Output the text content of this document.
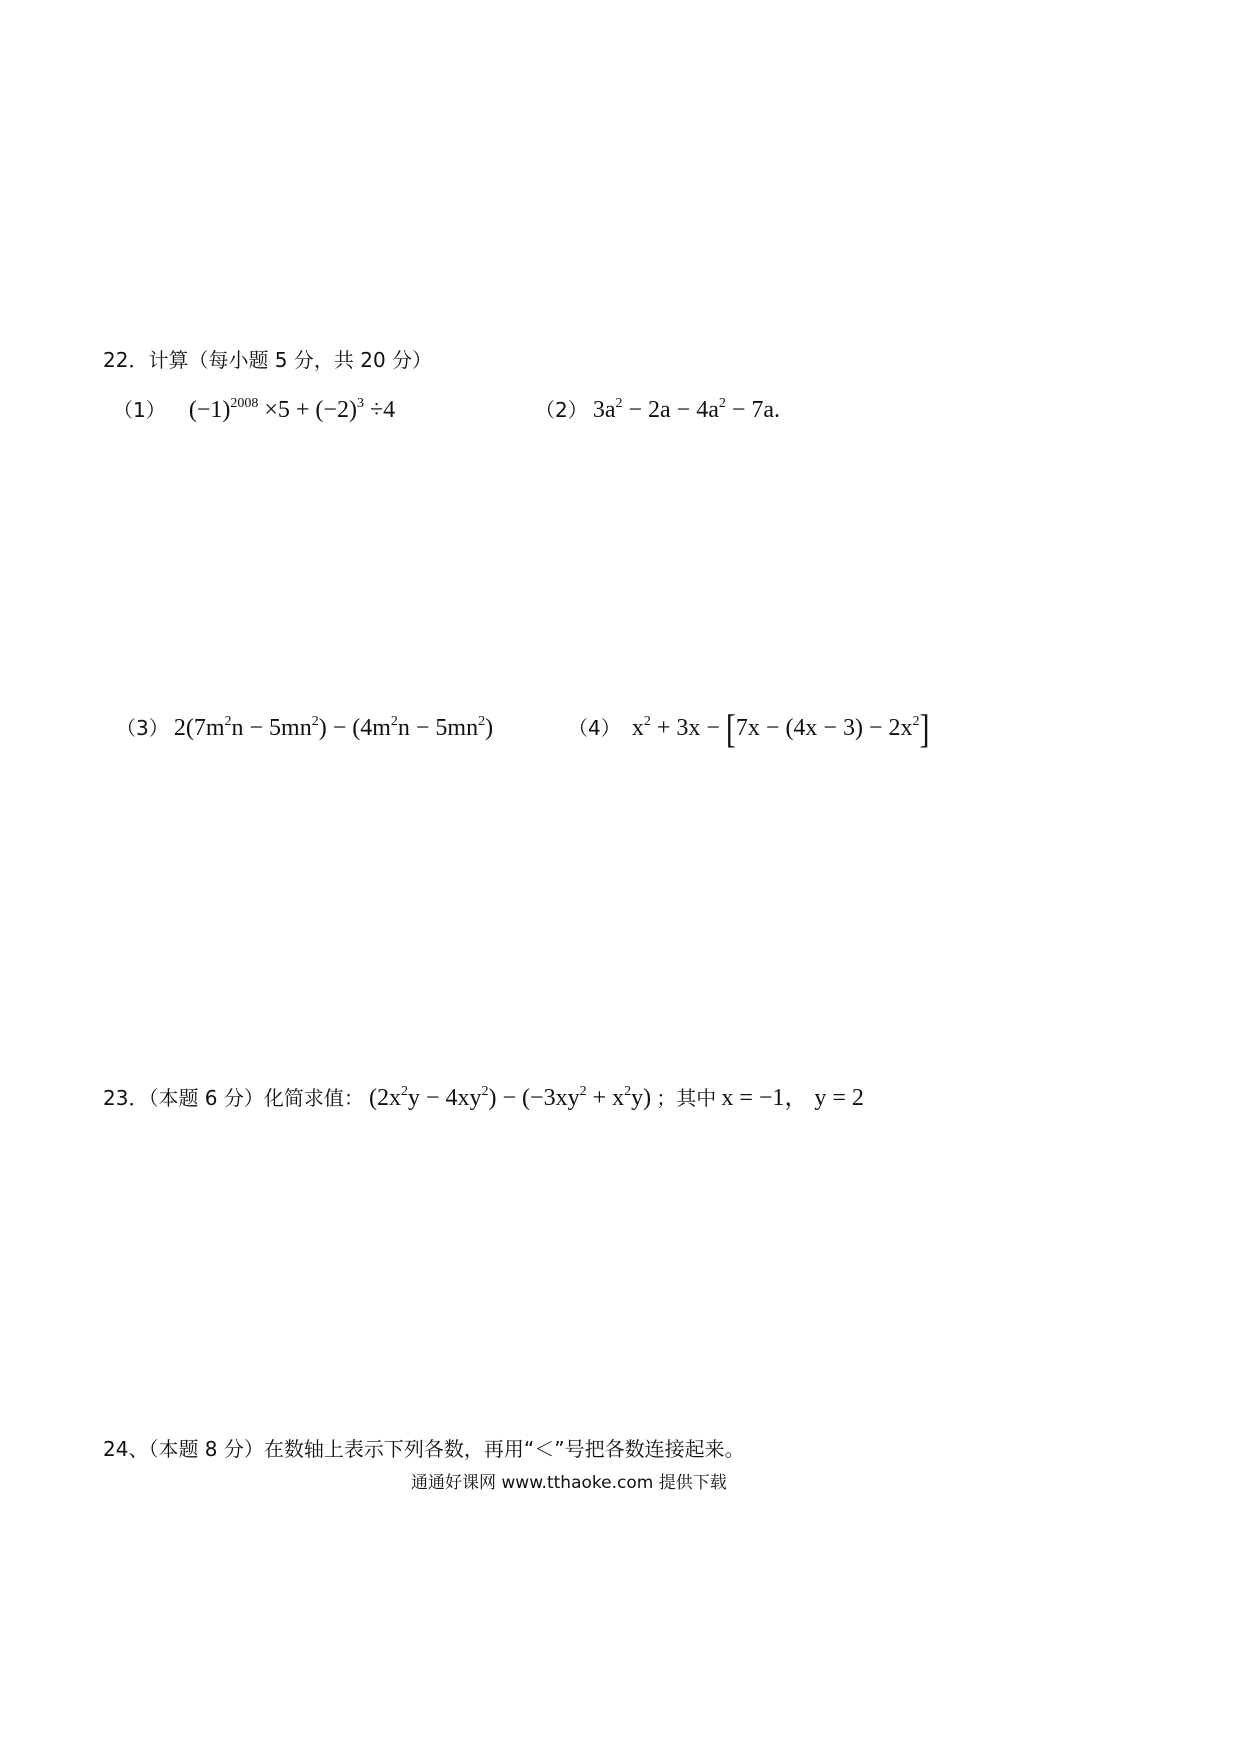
22．计算（每小题 5 分，共 20 分）
（1） $(-1)^{2008} \times 5 + (-2)^3 \div 4$	（2） $3a^2 - 2a - 4a^2 - 7a$.
（3） $2(7m^2n - 5mn^2) - (4m^2n - 5mn^2)$	（4） $x^2 + 3x - [7x - (4x - 3) - 2x^2]$
23．（本题 6 分）化简求值： $(2x^2y - 4xy^2) - (-3xy^2 + x^2y)$ ；其中 x = −1， y = 2
24、（本题 8 分）在数轴上表示下列各数，再用“＜”号把各数连接起来。
通通好课网 www.tthaoke.com 提供下载
